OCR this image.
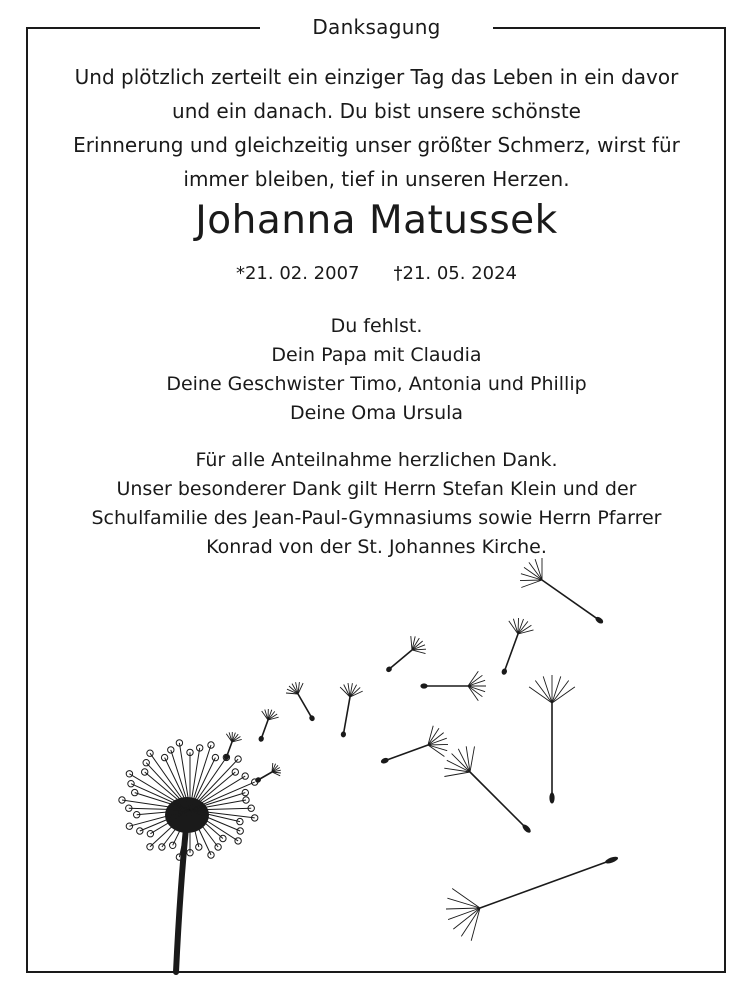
Danksagung
Und plötzlich zerteilt ein einziger Tag das Leben in ein davor
und ein danach. Du bist unsere schönste
Erinnerung und gleichzeitig unser größter Schmerz, wirst für
immer bleiben, tief in unseren Herzen.
Johanna Matussek
*21. 02. 2007 †21. 05. 2024
Du fehlst.
Dein Papa mit Claudia
Deine Geschwister Timo, Antonia und Phillip
Deine Oma Ursula
Für alle Anteilnahme herzlichen Dank.
Unser besonderer Dank gilt Herrn Stefan Klein und der
Schulfamilie des Jean-Paul-Gymnasiums sowie Herrn Pfarrer
Konrad von der St. Johannes Kirche.
